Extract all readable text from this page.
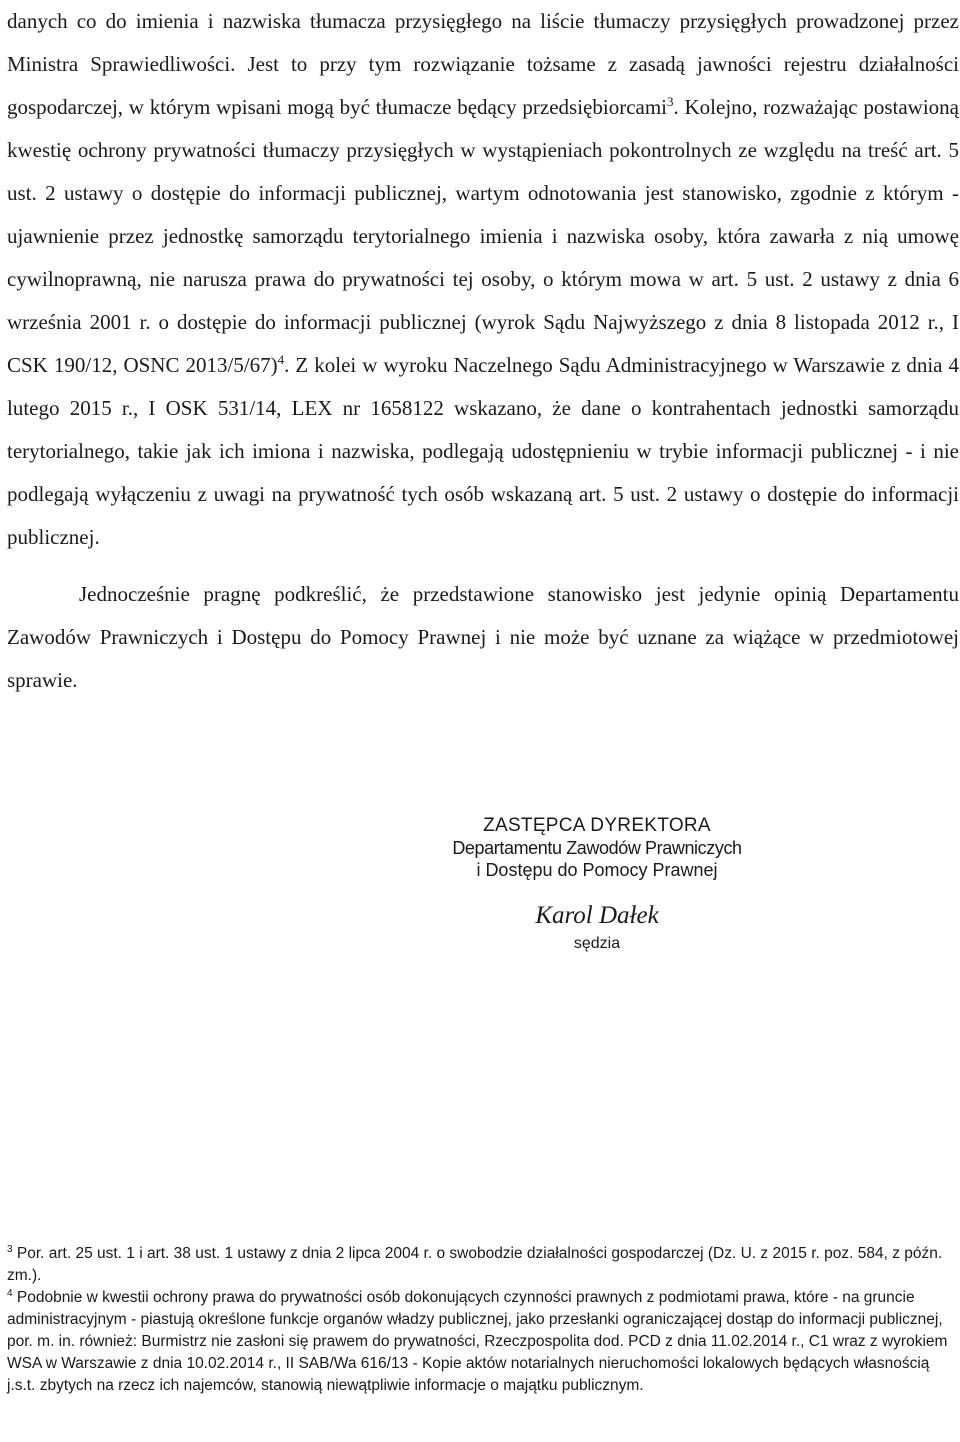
danych co do imienia i nazwiska tłumacza przysięgłego na liście tłumaczy przysięgłych prowadzonej przez Ministra Sprawiedliwości. Jest to przy tym rozwiązanie tożsame z zasadą jawności rejestru działalności gospodarczej, w którym wpisani mogą być tłumacze będący przedsiębiorcami$^3$. Kolejno, rozważając postawioną kwestię ochrony prywatności tłumaczy przysięgłych w wystąpieniach pokontrolnych ze względu na treść art. 5 ust. 2 ustawy o dostępie do informacji publicznej, wartym odnotowania jest stanowisko, zgodnie z którym - ujawnienie przez jednostkę samorządu terytorialnego imienia i nazwiska osoby, która zawarła z nią umowę cywilnoprawną, nie narusza prawa do prywatności tej osoby, o którym mowa w art. 5 ust. 2 ustawy z dnia 6 września 2001 r. o dostępie do informacji publicznej (wyrok Sądu Najwyższego z dnia 8 listopada 2012 r., I CSK 190/12, OSNC 2013/5/67)$^4$. Z kolei w wyroku Naczelnego Sądu Administracyjnego w Warszawie z dnia 4 lutego 2015 r., I OSK 531/14, LEX nr 1658122 wskazano, że dane o kontrahentach jednostki samorządu terytorialnego, takie jak ich imiona i nazwiska, podlegają udostępnieniu w trybie informacji publicznej - i nie podlegają wyłączeniu z uwagi na prywatność tych osób wskazaną art. 5 ust. 2 ustawy o dostępie do informacji publicznej.

Jednocześnie pragnę podkreślić, że przedstawione stanowisko jest jedynie opinią Departamentu Zawodów Prawniczych i Dostępu do Pomocy Prawnej i nie może być uznane za wiążące w przedmiotowej sprawie.

ZASTĘPCA DYREKTORA
Departamentu Zawodów Prawniczych
i Dostępu do Pomocy Prawnej
Karol Dałek
sędzia

$^3$ Por. art. 25 ust. 1 i art. 38 ust. 1 ustawy z dnia 2 lipca 2004 r. o swobodzie działalności gospodarczej (Dz. U. z 2015 r. poz. 584, z późn. zm.).

$^4$ Podobnie w kwestii ochrony prawa do prywatności osób dokonujących czynności prawnych z podmiotami prawa, które - na gruncie administracyjnym - piastują określone funkcje organów władzy publicznej, jako przesłanki ograniczającej dostąp do informacji publicznej, por. m. in. również: Burmistrz nie zasłoni się prawem do prywatności, Rzeczpospolita dod. PCD z dnia 11.02.2014 r., C1 wraz z wyrokiem WSA w Warszawie z dnia 10.02.2014 r., II SAB/Wa 616/13 - Kopie aktów notarialnych nieruchomości lokalowych będących własnością j.s.t. zbytych na rzecz ich najemców, stanowią niewątpliwie informacje o majątku publicznym.
